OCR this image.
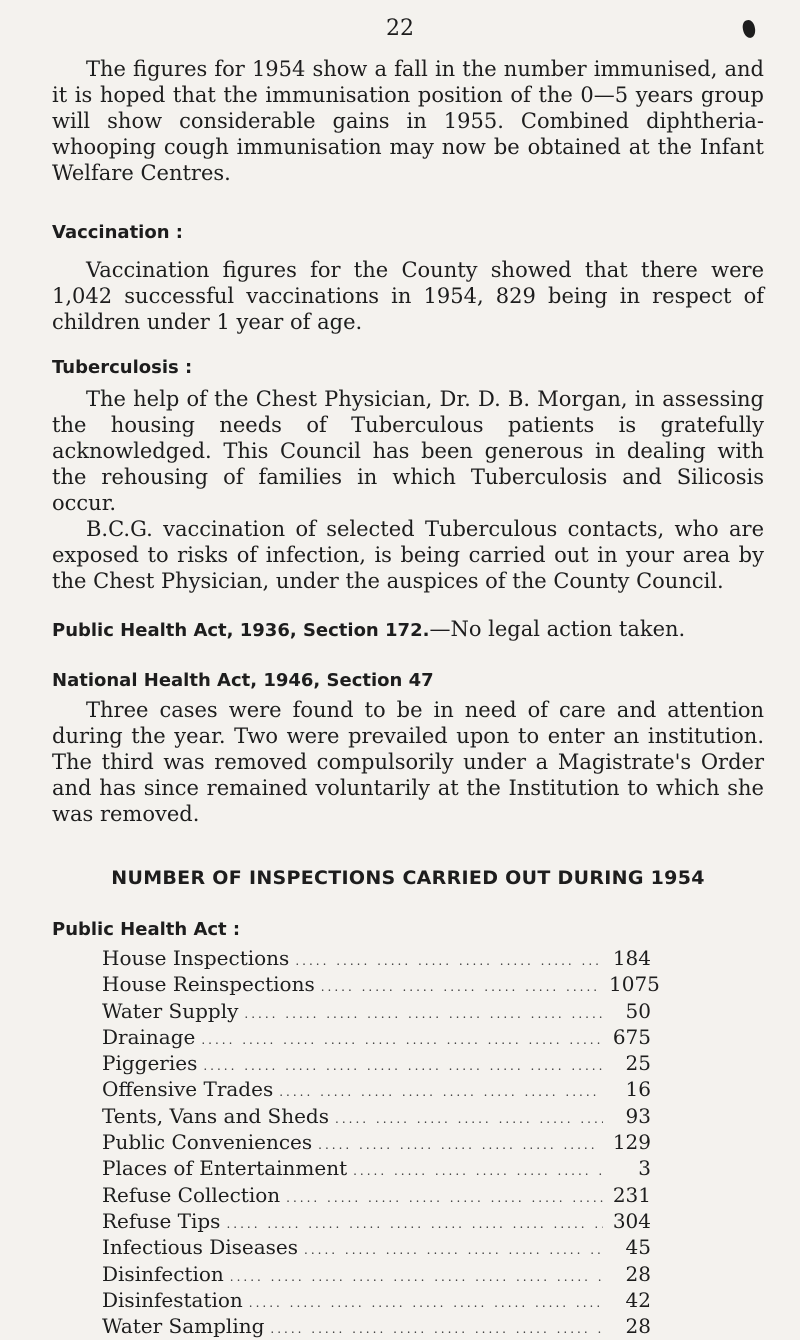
22

The figures for 1954 show a fall in the number immunised, and it is hoped that the immunisation position of the 0—5 years group will show considerable gains in 1955. Combined diphtheria-whooping cough immunisation may now be obtained at the Infant Welfare Centres.

Vaccination :

Vaccination figures for the County showed that there were 1,042 successful vaccinations in 1954, 829 being in respect of children under 1 year of age.

Tuberculosis :

The help of the Chest Physician, Dr. D. B. Morgan, in assessing the housing needs of Tuberculous patients is gratefully acknowledged. This Council has been generous in dealing with the rehousing of families in which Tuberculosis and Silicosis occur.

B.C.G. vaccination of selected Tuberculous contacts, who are exposed to risks of infection, is being carried out in your area by the Chest Physician, under the auspices of the County Council.

Public Health Act, 1936, Section 172.—No legal action taken.

National Health Act, 1946, Section 47

Three cases were found to be in need of care and attention during the year. Two were prevailed upon to enter an institution. The third was removed compulsorily under a Magistrate's Order and has since remained voluntarily at the Institution to which she was removed.

NUMBER OF INSPECTIONS CARRIED OUT DURING 1954
Public Health Act :
House Inspections .....	184
House Reinspections .....	1075
Water Supply .....	50
Drainage .....	675
Piggeries .....	25
Offensive Trades .....	16
Tents, Vans and Sheds .....	93
Public Conveniences .....	129
Places of Entertainment .....	3
Refuse Collection .....	231
Refuse Tips .....	304
Infectious Diseases .....	45
Disinfection .....	28
Disinfestation .....	42
Water Sampling .....	28
